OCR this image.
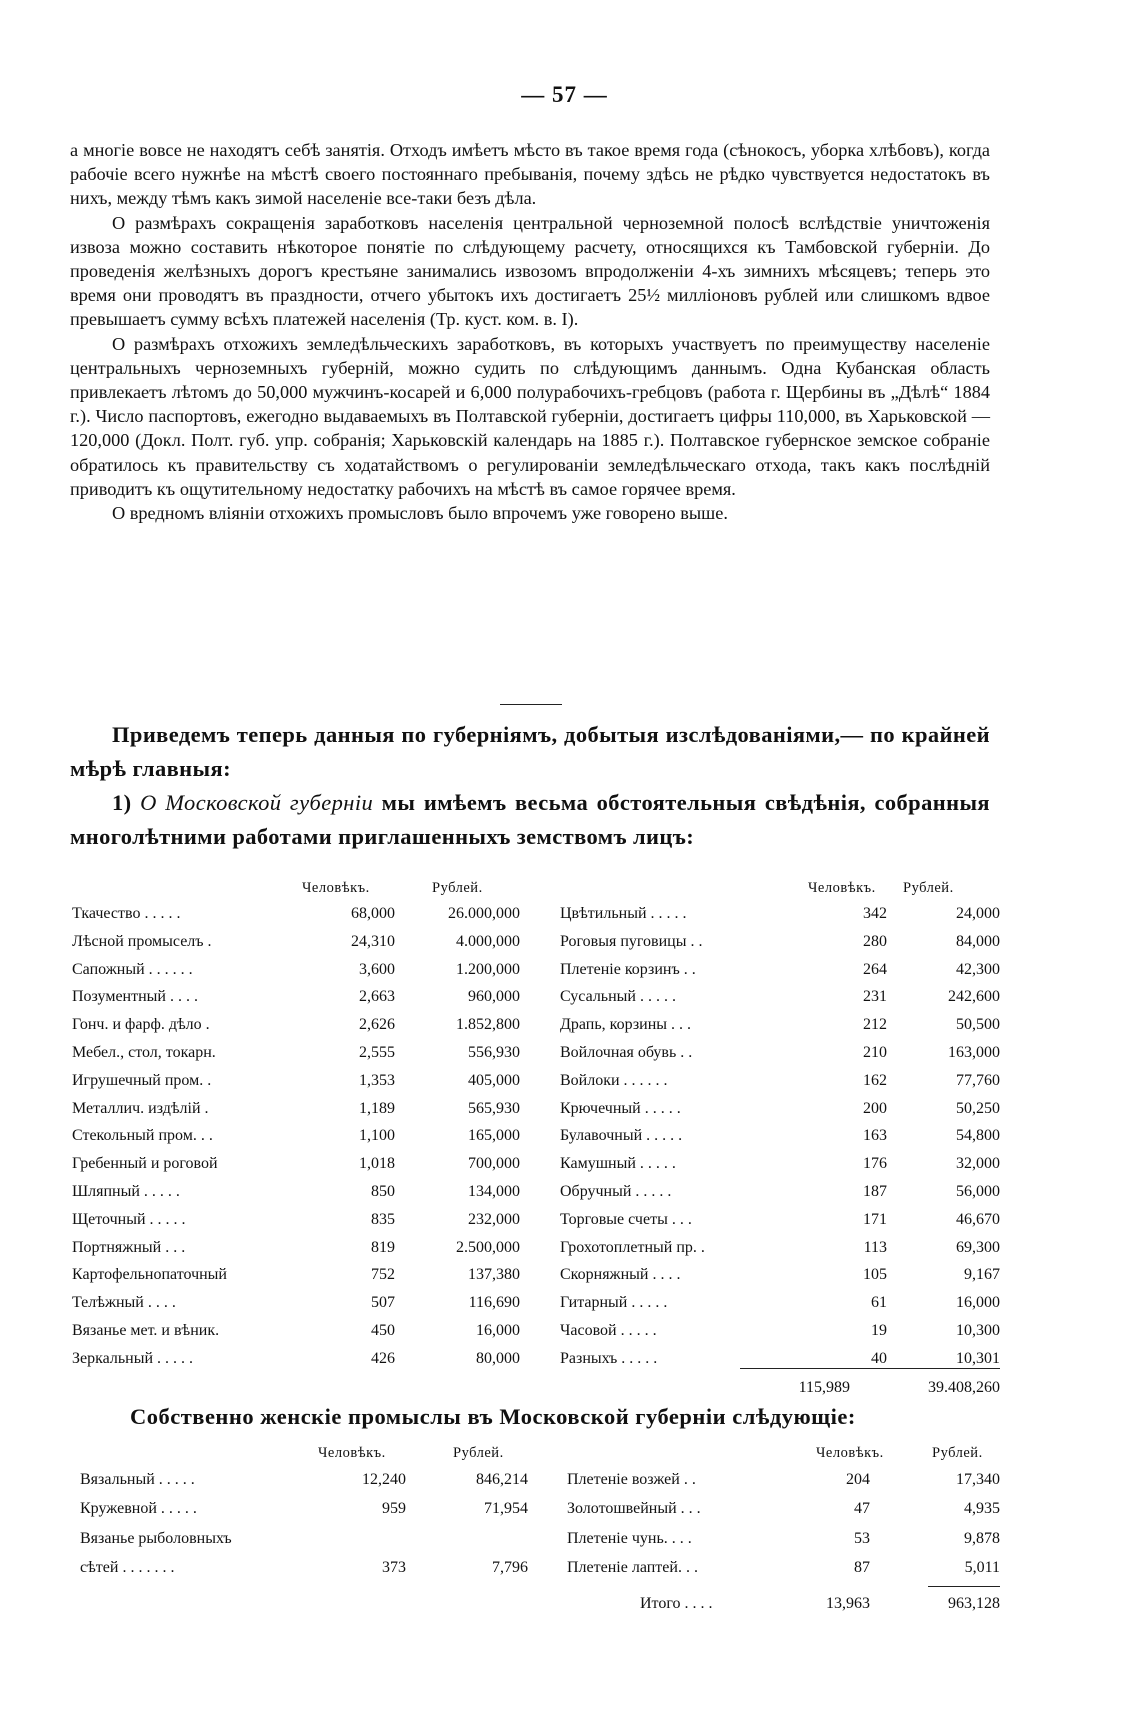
— 57 —

а многіе вовсе не находятъ себѣ занятія. Отходъ имѣетъ мѣсто въ такое время года (сѣнокосъ, уборка хлѣбовъ), когда рабочіе всего нужнѣе на мѣстѣ своего постояннаго пребыванія, почему здѣсь не рѣдко чувствуется недостатокъ въ нихъ, между тѣмъ какъ зимой населеніе все-таки безъ дѣла.

О размѣрахъ сокращенія заработковъ населенія центральной черноземной полосѣ вслѣдствіе уничтоженія извоза можно составить нѣкоторое понятіе по слѣдующему расчету, относящихся къ Тамбовской губерніи. До проведенія желѣзныхъ дорогъ крестьяне занимались извозомъ впродолженіи 4-хъ зимнихъ мѣсяцевъ; теперь это время они проводятъ въ праздности, отчего убытокъ ихъ достигаетъ 25½ милліоновъ рублей или слишкомъ вдвое превышаетъ сумму всѣхъ платежей населенія (Тр. куст. ком. в. I).

О размѣрахъ отхожихъ земледѣльческихъ заработковъ, въ которыхъ участвуетъ по преимуществу населеніе центральныхъ черноземныхъ губерній, можно судить по слѣдующимъ даннымъ. Одна Кубанская область привлекаетъ лѣтомъ до 50,000 мужчинъ-косарей и 6,000 полурабочихъ-гребцовъ (работа г. Щербины въ „Дѣлѣ“ 1884 г.). Число паспортовъ, ежегодно выдаваемыхъ въ Полтавской губерніи, достигаетъ цифры 110,000, въ Харьковской — 120,000 (Докл. Полт. губ. упр. собранія; Харьковскій календарь на 1885 г.). Полтавское губернское земское собраніе обратилось къ правительству съ ходатайствомъ о регулированіи земледѣльческаго отхода, такъ какъ послѣдній приводитъ къ ощутительному недостатку рабочихъ на мѣстѣ въ самое горячее время.

О вредномъ вліяніи отхожихъ промысловъ было впрочемъ уже говорено выше.

Приведемъ теперь данныя по губерніямъ, добытыя изслѣдованіями,— по крайней мѣрѣ главныя:

1) О Московской губерніи мы имѣемъ весьма обстоятельныя свѣдѣнія, собранныя многолѣтними работами приглашенныхъ земствомъ лицъ:

Человѣкъ.	Рублей.	Человѣкъ. Рублей.
Ткачество . . . . .	68,000	26.000,000
Лѣсной промыселъ .	24,310	4.000,000
Сапожный . . . . . .	3,600	1.200,000
Позументный . . . .	2,663	960,000
Гонч. и фарф. дѣло .	2,626	1.852,800
Мебел., стол, токарн.	2,555	556,930
Игрушечный пром. .	1,353	405,000
Металлич. издѣлій .	1,189	565,930
Стекольный пром. . .	1,100	165,000
Гребенный и роговой	1,018	700,000
Шляпный . . . . .	850	134,000
Щеточный . . . . .	835	232,000
Портняжный . . .	819	2.500,000
Картофельнопаточный	752	137,380
Телѣжный . . . .	507	116,690
Вязанье мет. и вѣник.	450	16,000
Зеркальный . . . . .	426	80,000
Цвѣтильный . . . . .	342	24,000
Роговыя пуговицы . .	280	84,000
Плетеніе корзинъ . .	264	42,300
Сусальный . . . . .	231	242,600
Драпь, корзины . . .	212	50,500
Войлочная обувь . .	210	163,000
Войлоки . . . . . .	162	77,760
Крючечный . . . . .	200	50,250
Булавочный . . . . .	163	54,800
Камушный . . . . .	176	32,000
Обручный . . . . .	187	56,000
Торговые счеты . . .	171	46,670
Грохотоплетный пр. .	113	69,300
Скорняжный . . . .	105	9,167
Гитарный . . . . .	61	16,000
Часовой . . . . .	19	10,300
Разныхъ . . . . .	40	10,301
115,989	39.408,260
Собственно женскіе промыслы въ Московской губерніи слѣдующіе:
Человѣкъ.	Рублей.	Человѣкъ.	Рублей.
Вязальный . . . . .	12,240	846,214
Кружевной . . . . .	959	71,954
Вязанье рыболовныхъ
сѣтей . . . . . . .	373	7,796
Плетеніе возжей . .	204	17,340
Золотошвейный . . .	47	4,935
Плетеніе чунь. . . .	53	9,878
Плетеніе лаптей. . .	87	5,011
Итого . . . .	13,963	963,128
